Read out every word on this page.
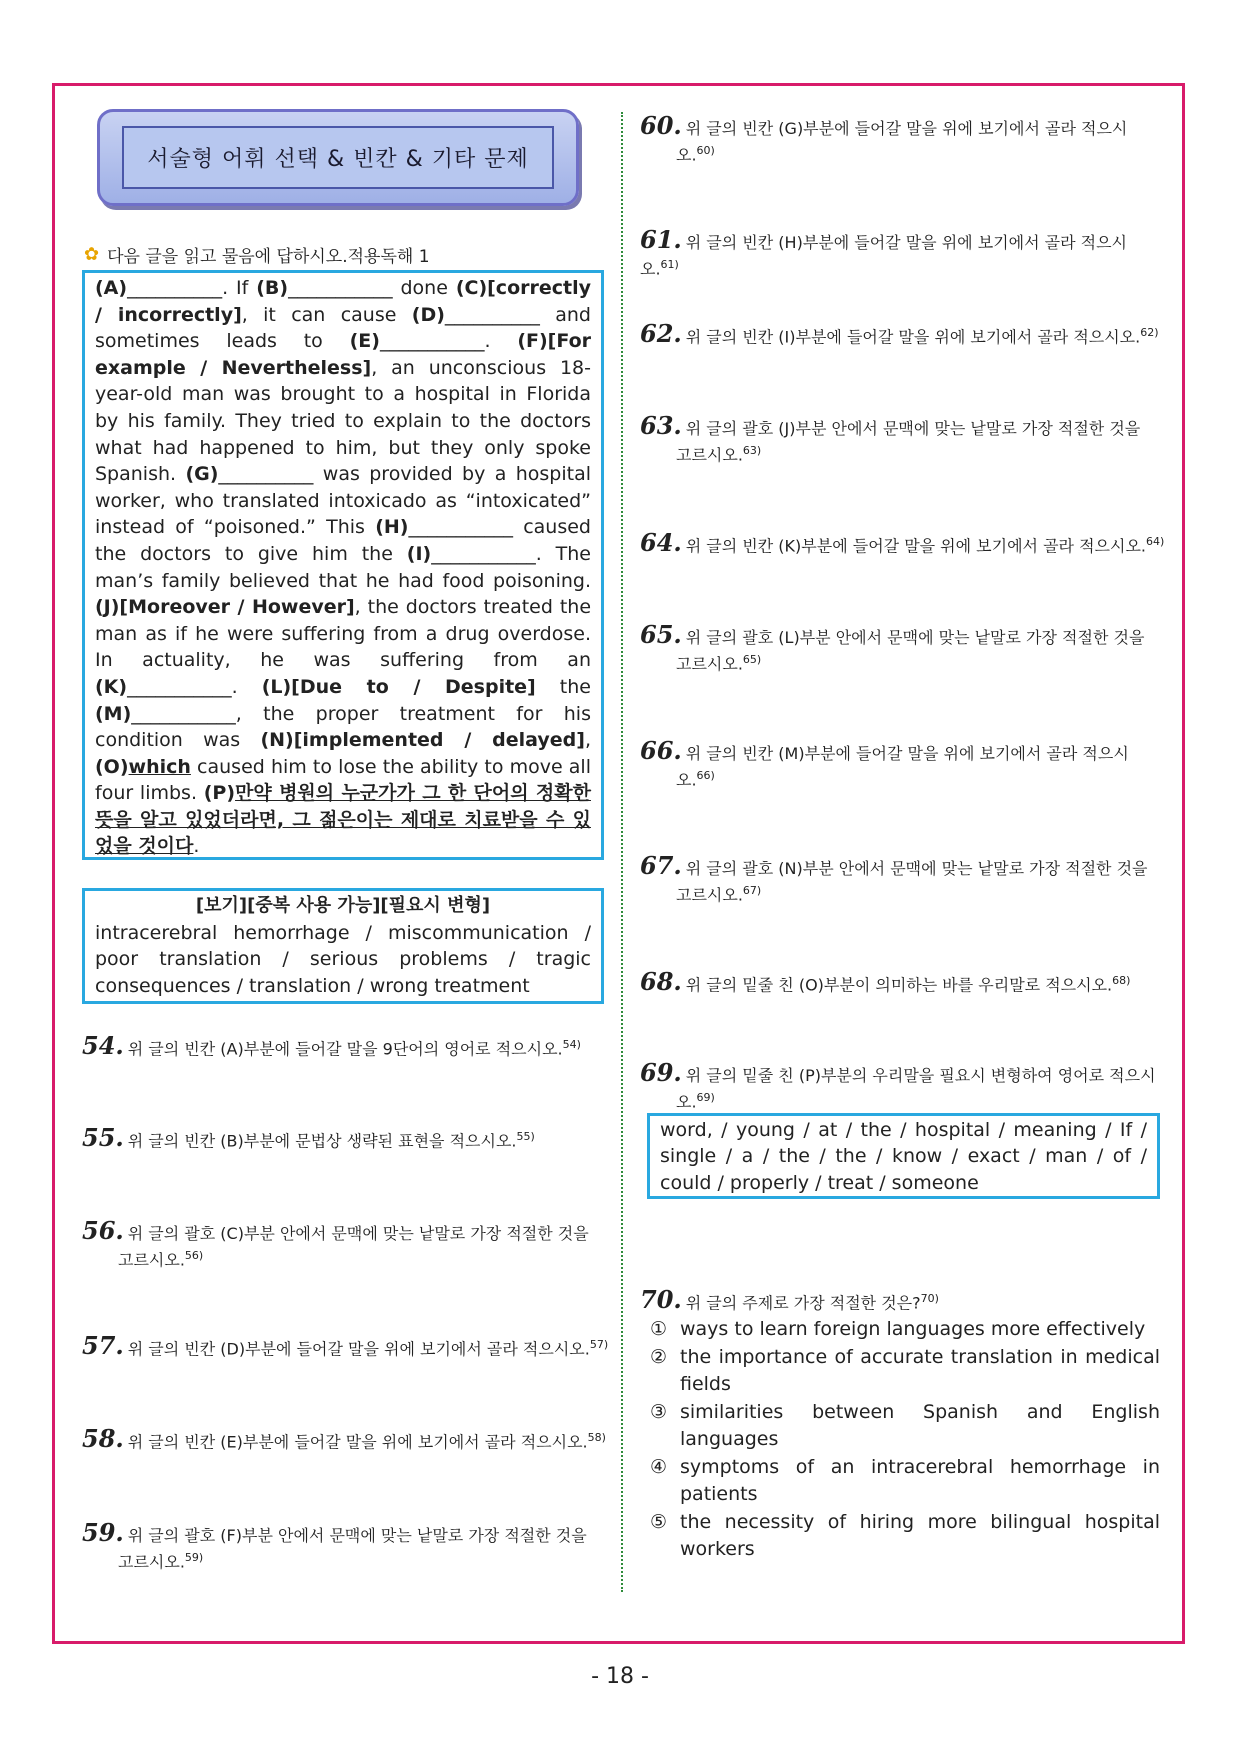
서술형 어휘 선택 & 빈칸 & 기타 문제
✿ 다음 글을 읽고 물음에 답하시오.적용독해 1
(A)__________. If (B)___________ done (C)[correctly / incorrectly], it can cause (D)__________ and sometimes leads to (E)___________. (F)[For example / Nevertheless], an unconscious 18-year-old man was brought to a hospital in Florida by his family. They tried to explain to the doctors what had happened to him, but they only spoke Spanish. (G)__________ was provided by a hospital worker, who translated intoxicado as “intoxicated” instead of “poisoned.” This (H)___________ caused the doctors to give him the (I)___________. The man’s family believed that he had food poisoning. (J)[Moreover / However], the doctors treated the man as if he were suffering from a drug overdose. In actuality, he was suffering from an (K)___________. (L)[Due to / Despite] the (M)___________, the proper treatment for his condition was (N)[implemented / delayed], (O)which caused him to lose the ability to move all four limbs. (P)만약 병원의 누군가가 그 한 단어의 정확한 뜻을 알고 있었더라면, 그 젊은이는 제대로 치료받을 수 있었을 것이다.
[보기][중복 사용 가능][필요시 변형]
intracerebral hemorrhage / miscommunication / poor translation / serious problems / tragic consequences / translation / wrong treatment
54. 위 글의 빈칸 (A)부분에 들어갈 말을 9단어의 영어로 적으시오.$^{54)}$
55. 위 글의 빈칸 (B)부분에 문법상 생략된 표현을 적으시오.$^{55)}$
56. 위 글의 괄호 (C)부분 안에서 문맥에 맞는 낱말로 가장 적절한 것을
고르시오.$^{56)}$
57. 위 글의 빈칸 (D)부분에 들어갈 말을 위에 보기에서 골라 적으시오.$^{57)}$
58. 위 글의 빈칸 (E)부분에 들어갈 말을 위에 보기에서 골라 적으시오.$^{58)}$
59. 위 글의 괄호 (F)부분 안에서 문맥에 맞는 낱말로 가장 적절한 것을
고르시오.$^{59)}$
60. 위 글의 빈칸 (G)부분에 들어갈 말을 위에 보기에서 골라 적으시
오.$^{60)}$
61. 위 글의 빈칸 (H)부분에 들어갈 말을 위에 보기에서 골라 적으시오.$^{61)}$
62. 위 글의 빈칸 (I)부분에 들어갈 말을 위에 보기에서 골라 적으시오.$^{62)}$
63. 위 글의 괄호 (J)부분 안에서 문맥에 맞는 낱말로 가장 적절한 것을
고르시오.$^{63)}$
64. 위 글의 빈칸 (K)부분에 들어갈 말을 위에 보기에서 골라 적으시오.$^{64)}$
65. 위 글의 괄호 (L)부분 안에서 문맥에 맞는 낱말로 가장 적절한 것을
고르시오.$^{65)}$
66. 위 글의 빈칸 (M)부분에 들어갈 말을 위에 보기에서 골라 적으시
오.$^{66)}$
67. 위 글의 괄호 (N)부분 안에서 문맥에 맞는 낱말로 가장 적절한 것을
고르시오.$^{67)}$
68. 위 글의 밑줄 친 (O)부분이 의미하는 바를 우리말로 적으시오.$^{68)}$
69. 위 글의 밑줄 친 (P)부분의 우리말을 필요시 변형하여 영어로 적으시
오.$^{69)}$
word, / young / at / the / hospital / meaning / If / single / a / the / the / know / exact / man / of / could / properly / treat / someone
70. 위 글의 주제로 가장 적절한 것은?$^{70)}$
① ways to learn foreign languages more effectively
② the importance of accurate translation in medical fields
③ similarities between Spanish and English languages
④ symptoms of an intracerebral hemorrhage in patients
⑤ the necessity of hiring more bilingual hospital workers
- 18 -
